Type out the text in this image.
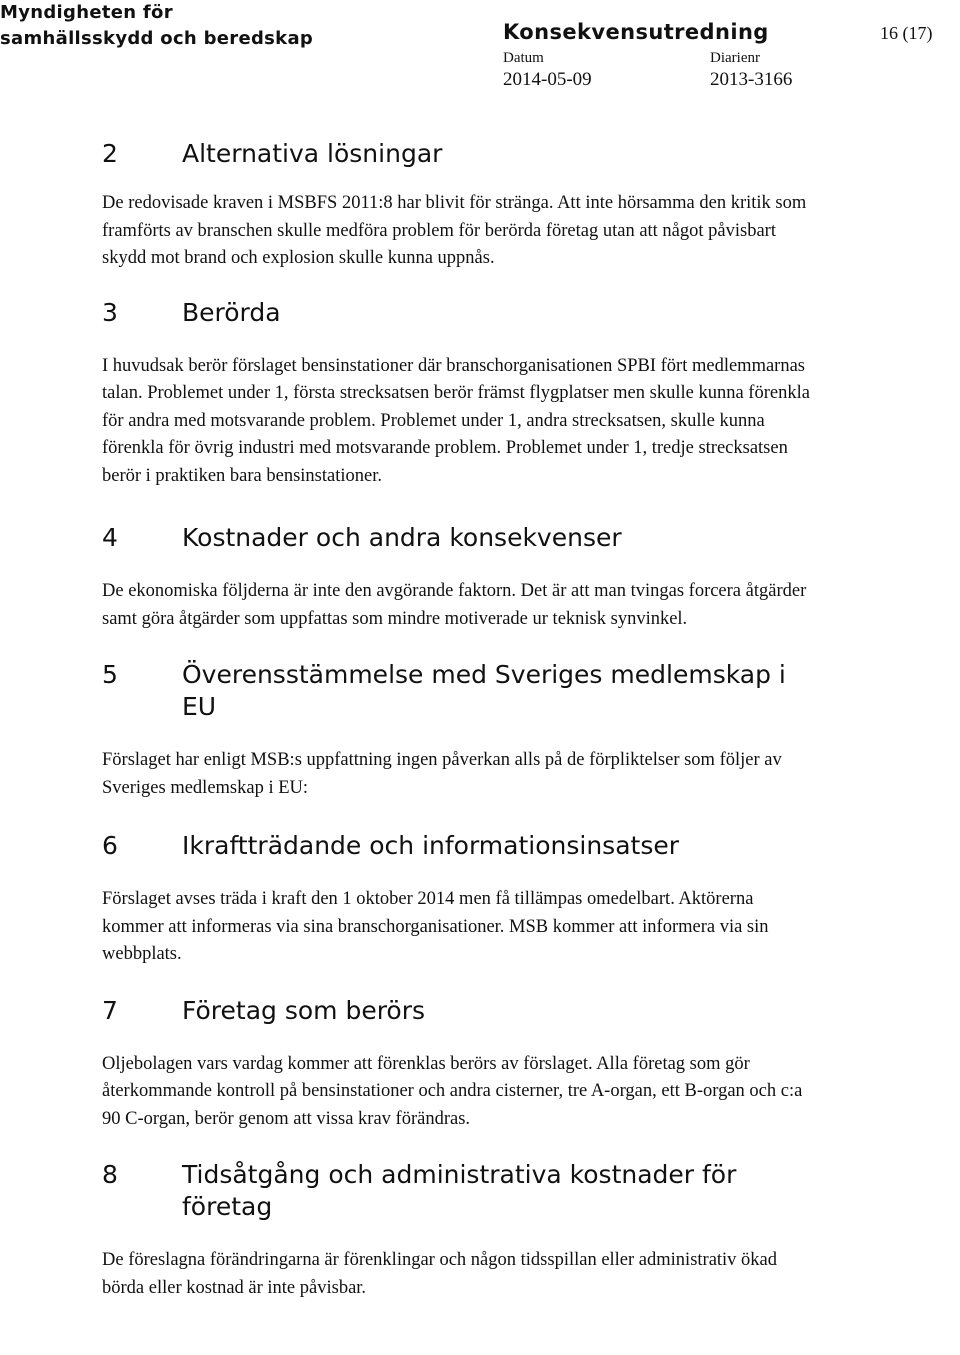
Myndigheten för
samhällsskydd och beredskap	Konsekvensutredning	16 (17)
Datum
2014-05-09
Diarienr
2013-3166
2	Alternativa lösningar

De redovisade kraven i MSBFS 2011:8 har blivit för stränga. Att inte hörsamma den kritik som framförts av branschen skulle medföra problem för berörda företag utan att något påvisbart skydd mot brand och explosion skulle kunna uppnås.

3	Berörda

I huvudsak berör förslaget bensinstationer där branschorganisationen SPBI fört medlemmarnas talan. Problemet under 1, första strecksatsen berör främst flygplatser men skulle kunna förenkla för andra med motsvarande problem. Problemet under 1, andra strecksatsen, skulle kunna förenkla för övrig industri med motsvarande problem. Problemet under 1, tredje strecksatsen berör i praktiken bara bensinstationer.

4	Kostnader och andra konsekvenser

De ekonomiska följderna är inte den avgörande faktorn. Det är att man tvingas forcera åtgärder samt göra åtgärder som uppfattas som mindre motiverade ur teknisk synvinkel.

5	Överensstämmelse med Sveriges medlemskap i EU

Förslaget har enligt MSB:s uppfattning ingen påverkan alls på de förpliktelser som följer av Sveriges medlemskap i EU:

6	Ikraftträdande och informationsinsatser

Förslaget avses träda i kraft den 1 oktober 2014 men få tillämpas omedelbart. Aktörerna kommer att informeras via sina branschorganisationer. MSB kommer att informera via sin webbplats.

7	Företag som berörs

Oljebolagen vars vardag kommer att förenklas berörs av förslaget. Alla företag som gör återkommande kontroll på bensinstationer och andra cisterner, tre A-organ, ett B-organ och c:a 90 C-organ, berör genom att vissa krav förändras.

8	Tidsåtgång och administrativa kostnader för företag

De föreslagna förändringarna är förenklingar och någon tidsspillan eller administrativ ökad börda eller kostnad är inte påvisbar.
